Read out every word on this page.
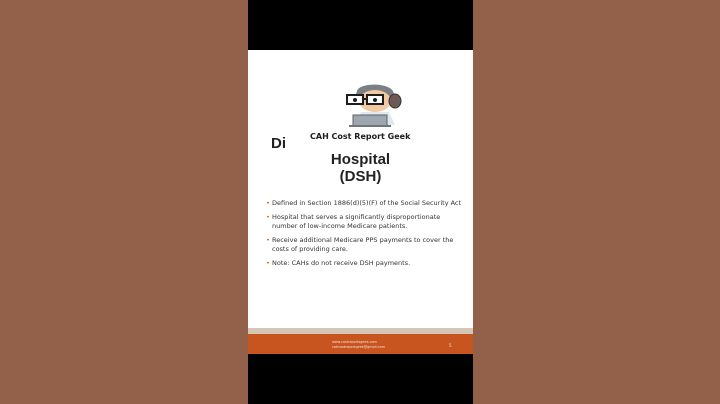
CAH Cost Report Geek
Di
Hospital
(DSH)
• Defined in Section 1886(d)(5)(F) of the Social Security Act
• Hospital that serves a significantly disproportionate number of low-income Medicare patients.
• Receive additional Medicare PPS payments to cover the costs of providing care.
• Note: CAHs do not receive DSH payments.
www.costreportsgeek.com
cahcostreportgeek@gmail.com	5
